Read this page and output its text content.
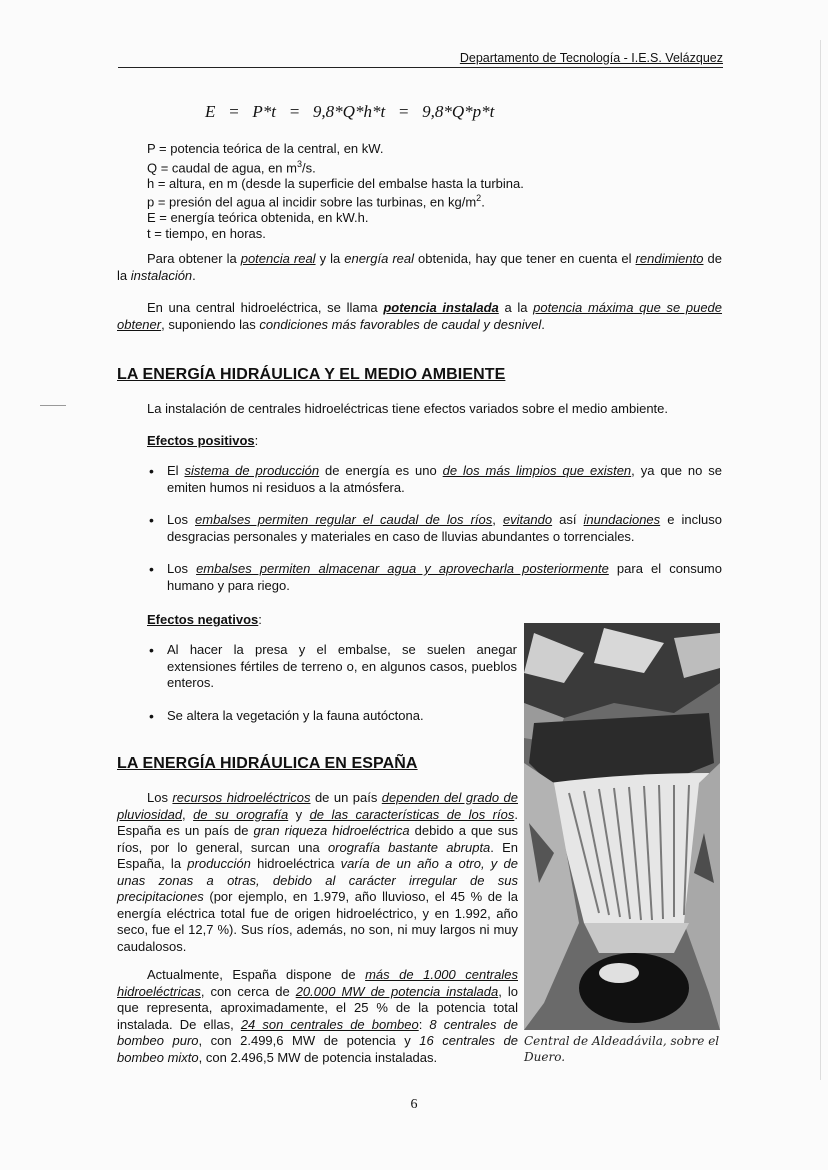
Departamento de Tecnología - I.E.S. Velázquez
E   =   P*t   =   9,8*Q*h*t   =   9,8*Q*p*t
P = potencia teórica de la central, en kW.
Q = caudal de agua, en $m^3/s$.
h = altura, en m (desde la superficie del embalse hasta la turbina.
p = presión del agua al incidir sobre las turbinas, en $kg/m^2$.
E = energía teórica obtenida, en kW.h.
t = tiempo, en horas.
Para obtener la potencia real y la energía real obtenida, hay que tener en cuenta el rendimiento de la instalación.
En una central hidroeléctrica, se llama potencia instalada a la potencia máxima que se puede obtener, suponiendo las condiciones más favorables de caudal y desnivel.
LA ENERGÍA HIDRÁULICA Y EL MEDIO AMBIENTE
La instalación de centrales hidroeléctricas tiene efectos variados sobre el medio ambiente.
Efectos positivos:
• El sistema de producción de energía es uno de los más limpios que existen, ya que no se emiten humos ni residuos a la atmósfera.
• Los embalses permiten regular el caudal de los ríos, evitando así inundaciones e incluso desgracias personales y materiales en caso de lluvias abundantes o torrenciales.
• Los embalses permiten almacenar agua y aprovecharla posteriormente para el consumo humano y para riego.
Efectos negativos:
• Al hacer la presa y el embalse, se suelen anegar extensiones fértiles de terreno o, en algunos casos, pueblos enteros.
• Se altera la vegetación y la fauna autóctona.
LA ENERGÍA HIDRÁULICA EN ESPAÑA
Los recursos hidroeléctricos de un país dependen del grado de pluviosidad, de su orografía y de las características de los ríos. España es un país de gran riqueza hidroeléctrica debido a que sus ríos, por lo general, surcan una orografía bastante abrupta. En España, la producción hidroeléctrica varía de un año a otro, y de unas zonas a otras, debido al carácter irregular de sus precipitaciones (por ejemplo, en 1.979, año lluvioso, el 45 % de la energía eléctrica total fue de origen hidroeléctrico, y en 1.992, año seco, fue el 12,7 %). Sus ríos, además, no son, ni muy largos ni muy caudalosos.
Actualmente, España dispone de más de 1.000 centrales hidroeléctricas, con cerca de 20.000 MW de potencia instalada, lo que representa, aproximadamente, el 25 % de la potencia total instalada. De ellas, 24 son centrales de bombeo: 8 centrales de bombeo puro, con 2.499,6 MW de potencia y 16 centrales de bombeo mixto, con 2.496,5 MW de potencia instaladas.
Central de Aldeadávila, sobre el Duero.
6
